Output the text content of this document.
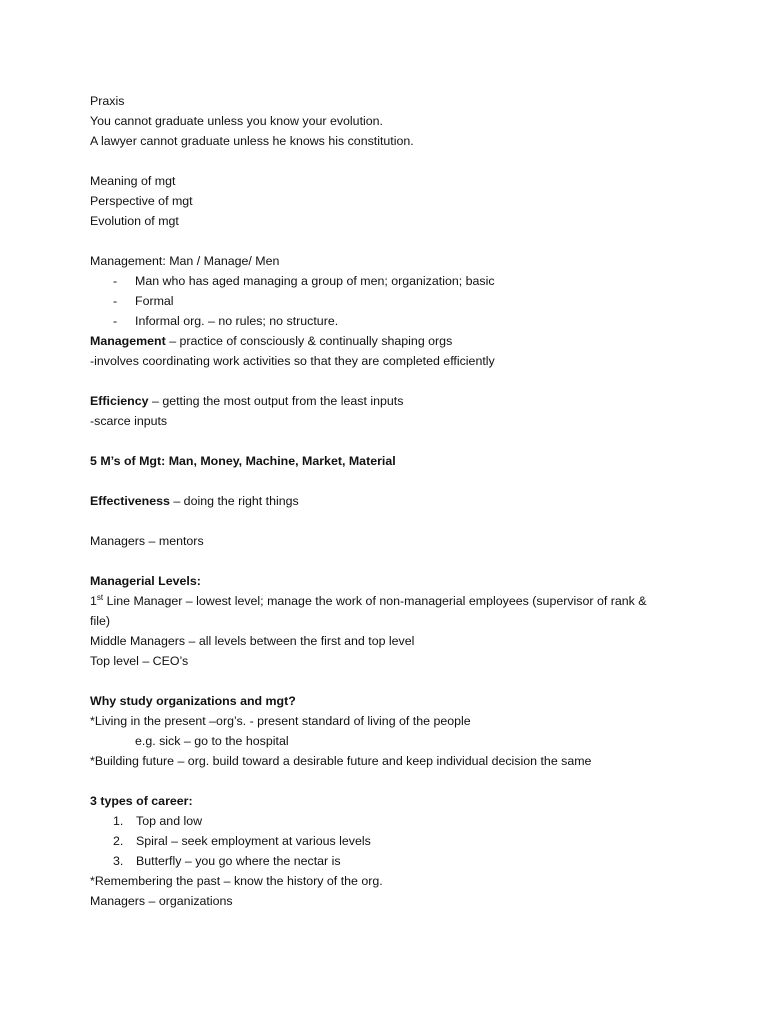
Praxis
You cannot graduate unless you know your evolution.
A lawyer cannot graduate unless he knows his constitution.
Meaning of mgt
Perspective of mgt
Evolution of mgt
Management: Man / Manage/ Men
-	Man who has aged managing a group of men; organization; basic
-	Formal
-	Informal org. – no rules; no structure.
Management – practice of consciously & continually shaping orgs
-involves coordinating work activities so that they are completed efficiently
Efficiency – getting the most output from the least inputs
-scarce inputs
5 M’s of Mgt: Man, Money, Machine, Market, Material
Effectiveness – doing the right things
Managers – mentors
Managerial Levels:
1st Line Manager – lowest level; manage the work of non-managerial employees (supervisor of rank &
file)
Middle Managers – all levels between the first and top level
Top level – CEO’s
Why study organizations and mgt?
*Living in the present –org’s. - present standard of living of the people
e.g. sick – go to the hospital
*Building future – org. build toward a desirable future and keep individual decision the same
3 types of career:
1.	Top and low
2.	Spiral – seek employment at various levels
3.	Butterfly – you go where the nectar is
*Remembering the past – know the history of the org.
Managers – organizations
